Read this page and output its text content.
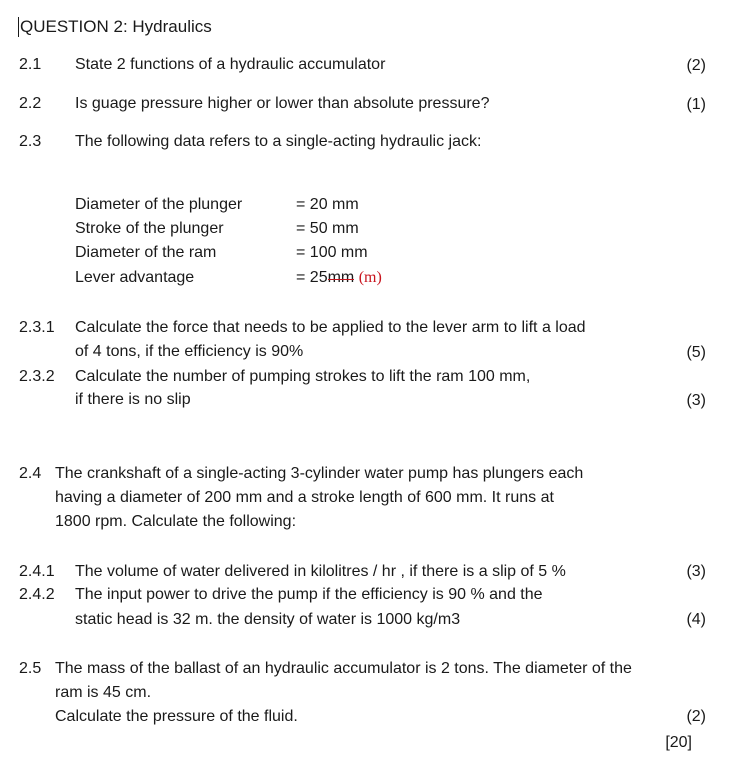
QUESTION 2: Hydraulics
2.1 State 2 functions of a hydraulic accumulator	(2)
2.2 Is guage pressure higher or lower than absolute pressure?	(1)
2.3 The following data refers to a single-acting hydraulic jack:
Diameter of the plunger	= 20 mm
Stroke of the plunger	= 50 mm
Diameter of the ram	= 100 mm
Lever advantage	= 25mm (m)
2.3.1 Calculate the force that needs to be applied to the lever arm to lift a load
of 4 tons, if the efficiency is 90%	(5)
2.3.2 Calculate the number of pumping strokes to lift the ram 100 mm,
if there is no slip	(3)
2.4 The crankshaft of a single-acting 3-cylinder water pump has plungers each
having a diameter of 200 mm and a stroke length of 600 mm. It runs at
1800 rpm. Calculate the following:
2.4.1 The volume of water delivered in kilolitres / hr , if there is a slip of 5 %	(3)
2.4.2 The input power to drive the pump if the efficiency is 90 % and the
static head is 32 m. the density of water is 1000 kg/m3	(4)
2.5 The mass of the ballast of an hydraulic accumulator is 2 tons. The diameter of the
ram is 45 cm.
Calculate the pressure of the fluid.	(2)
[20]
